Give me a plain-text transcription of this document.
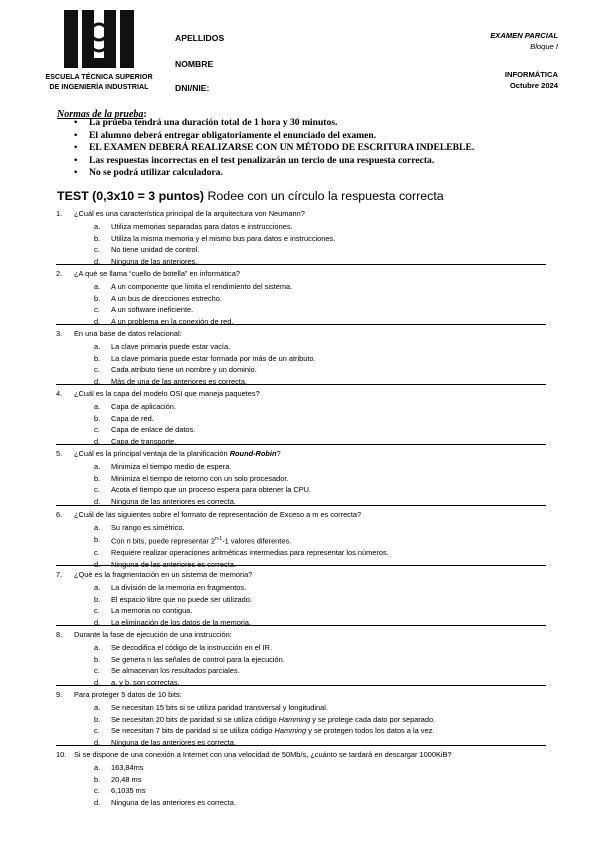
ESCUELA TÉCNICA SUPERIOR
DE INGENIERÍA INDUSTRIAL
APELLIDOS
NOMBRE
DNI/NIE:
EXAMEN PARCIAL
Bloque I
INFORMÁTICA
Octubre 2024
Normas de la prueba:
• La prueba tendrá una duración total de 1 hora y 30 minutos.
• El alumno deberá entregar obligatoriamente el enunciado del examen.
• EL EXAMEN DEBERÁ REALIZARSE CON UN MÉTODO DE ESCRITURA INDELEBLE.
• Las respuestas incorrectas en el test penalizarán un tercio de una respuesta correcta.
• No se podrá utilizar calculadora.
TEST (0,3x10 = 3 puntos) Rodee con un círculo la respuesta correcta
1. ¿Cuál es una característica principal de la arquitectura von Neumann?
a. Utiliza memorias separadas para datos e instrucciones.
b. Utiliza la misma memoria y el mismo bus para datos e instrucciones.
c. No tiene unidad de control.
d. Ninguna de las anteriores.
2. ¿A qué se llama “cuello de botella” en informática?
a. A un componente que limita el rendimiento del sistema.
b. A un bus de direcciones estrecho.
c. A un software ineficiente.
d. A un problema en la conexión de red.
3. En una base de datos relacional:
a. La clave primaria puede estar vacía.
b. La clave primaria puede estar formada por más de un atributo.
c. Cada atributo tiene un nombre y un dominio.
d. Más de una de las anteriores es correcta.
4. ¿Cuál es la capa del modelo OSI que maneja paquetes?
a. Capa de aplicación.
b. Capa de red.
c. Capa de enlace de datos.
d. Capa de transporte.
5. ¿Cuál es la principal ventaja de la planificación Round-Robin?
a. Minimiza el tiempo medio de espera.
b. Minimiza el tiempo de retorno con un solo procesador.
c. Acota el tiempo que un proceso espera para obtener la CPU.
d. Ninguna de las anteriores es correcta.
6. ¿Cuál de las siguientes sobre el formato de representación de Exceso a m es correcta?
a. Su rango es simétrico.
b. Con n bits, puede representar 2$^{n-1}$-1 valores diferentes.
c. Requiere realizar operaciones aritméticas intermedias para representar los números.
d. Ninguna de las anteriores es correcta.
7. ¿Qué es la fragmentación en un sistema de memoria?
a. La división de la memoria en fragmentos.
b. El espacio libre que no puede ser utilizado.
c. La memoria no contigua.
d. La eliminación de los datos de la memoria.
8. Durante la fase de ejecución de una instrucción:
a. Se decodifica el código de la instrucción en el IR.
b. Se genera n las señales de control para la ejecución.
c. Se almacenan los resultados parciales.
d. a. y b. son correctas.
9. Para proteger 5 datos de 10 bits:
a. Se necesitan 15 bits si se utiliza paridad transversal y longitudinal.
b. Se necesitan 20 bits de paridad si se utiliza código Hamming y se protege cada dato por separado.
c. Se necesitan 7 bits de paridad si se utiliza código Hamming y se protegen todos los datos a la vez.
d. Ninguna de las anteriores es correcta.
10. Si se dispone de una conexión a Internet con una velocidad de 50Mb/s, ¿cuánto se tardará en descargar 1000KiB?
a. 163,84ms
b. 20,48 ms
c. 6,1035 ms
d. Ninguna de las anteriores es correcta.
